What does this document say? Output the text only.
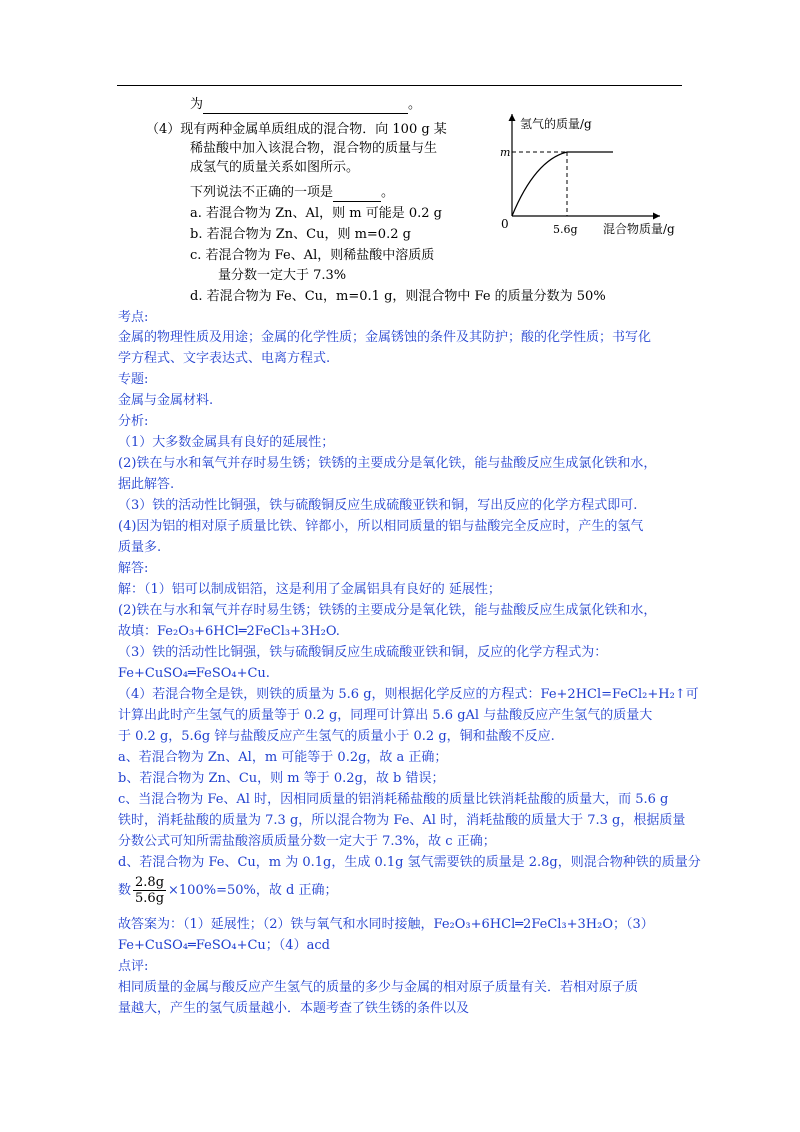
为	。
（4）现有两种金属单质组成的混合物．向 100 g 某
稀盐酸中加入该混合物，混合物的质量与生
成氢气的质量关系如图所示。
下列说法不正确的一项是	。
a. 若混合物为 Zn、Al，则 m 可能是 0.2 g
b. 若混合物为 Zn、Cu，则 m=0.2 g
c. 若混合物为 Fe、Al，则稀盐酸中溶质质
量分数一定大于 7.3%
d. 若混合物为 Fe、Cu，m=0.1 g，则混合物中 Fe 的质量分数为 50%
氢气的质量/g
混合物质量/g
0
m
5.6g
考点:
金属的物理性质及用途；金属的化学性质；金属锈蚀的条件及其防护；酸的化学性质；书写化
学方程式、文字表达式、电离方程式.
专题:
金属与金属材料.
分析:
（1）大多数金属具有良好的延展性；
(2)铁在与水和氧气并存时易生锈；铁锈的主要成分是氧化铁，能与盐酸反应生成氯化铁和水，
据此解答.
（3）铁的活动性比铜强，铁与硫酸铜反应生成硫酸亚铁和铜，写出反应的化学方程式即可.
(4)因为铝的相对原子质量比铁、锌都小，所以相同质量的铝与盐酸完全反应时，产生的氢气
质量多.
解答:
解：（1）铝可以制成铝箔，这是利用了金属铝具有良好的 延展性；
(2)铁在与水和氧气并存时易生锈；铁锈的主要成分是氧化铁，能与盐酸反应生成氯化铁和水，
故填：Fe₂O₃+6HCl═2FeCl₃+3H₂O.
（3）铁的活动性比铜强，铁与硫酸铜反应生成硫酸亚铁和铜，反应的化学方程式为：
Fe+CuSO₄═FeSO₄+Cu.
（4）若混合物全是铁，则铁的质量为 5.6 g，则根据化学反应的方程式：Fe+2HCl=FeCl₂+H₂↑可
计算出此时产生氢气的质量等于 0.2 g，同理可计算出 5.6 gAl 与盐酸反应产生氢气的质量大
于 0.2 g，5.6g 锌与盐酸反应产生氢气的质量小于 0.2 g，铜和盐酸不反应.
a、若混合物为 Zn、Al，m 可能等于 0.2g，故 a 正确；
b、若混合物为 Zn、Cu，则 m 等于 0.2g，故 b 错误；
c、当混合物为 Fe、Al 时，因相同质量的铝消耗稀盐酸的质量比铁消耗盐酸的质量大，而 5.6 g
铁时，消耗盐酸的质量为 7.3 g，所以混合物为 Fe、Al 时，消耗盐酸的质量大于 7.3 g，根据质量
分数公式可知所需盐酸溶质质量分数一定大于 7.3%，故 c 正确；
d、若混合物为 Fe、Cu，m 为 0.1g，生成 0.1g 氢气需要铁的质量是 2.8g，则混合物种铁的质量分
数 $\frac{2.8g}{5.6g} \times 100\%=50\%$，故 d 正确；
故答案为：（1）延展性；（2）铁与氧气和水同时接触，Fe₂O₃+6HCl═2FeCl₃+3H₂O；（3）
Fe+CuSO₄═FeSO₄+Cu；（4）acd
点评:
相同质量的金属与酸反应产生氢气的质量的多少与金属的相对原子质量有关．若相对原子质
量越大，产生的氢气质量越小．本题考查了铁生锈的条件以及
